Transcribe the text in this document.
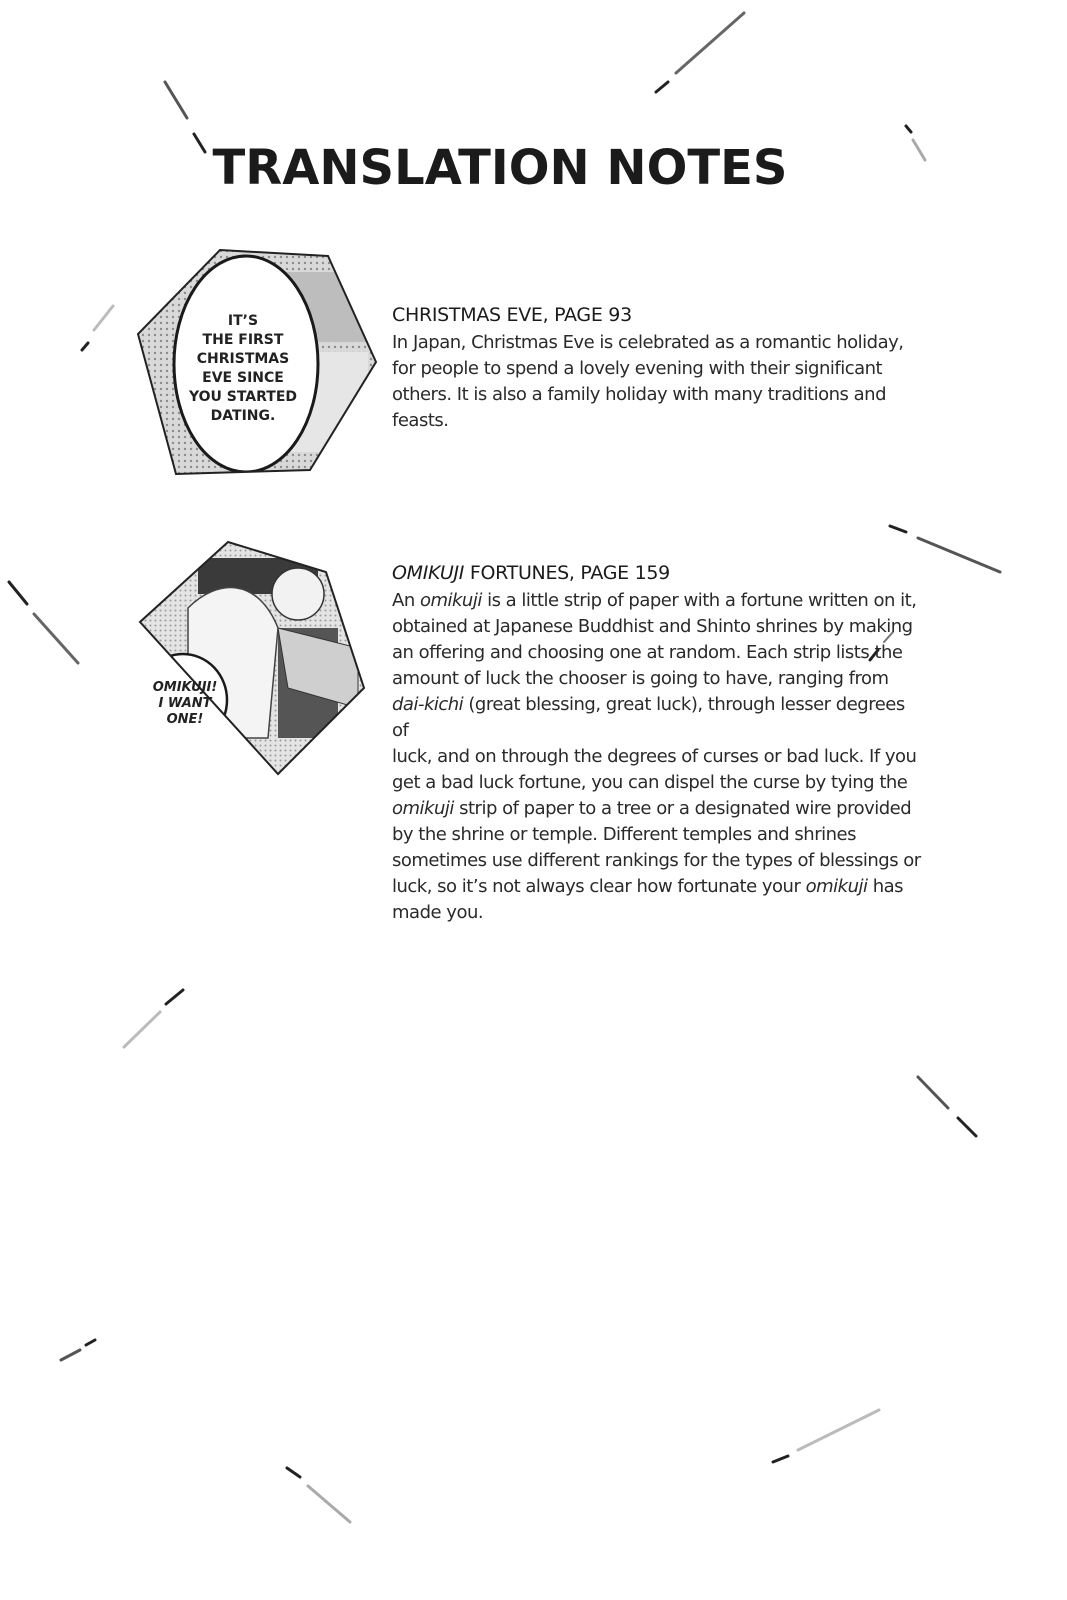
TRANSLATION NOTES
IT’S
THE FIRST
CHRISTMAS
EVE SINCE
YOU STARTED
DATING.

CHRISTMAS EVE, PAGE 93

In Japan, Christmas Eve is celebrated as a romantic holiday,
for people to spend a lovely evening with their significant
others. It is also a family holiday with many traditions and
feasts.

OMIKUJI!
I WANT
ONE!

OMIKUJI FORTUNES, PAGE 159

An omikuji is a little strip of paper with a fortune written on it,
obtained at Japanese Buddhist and Shinto shrines by making
an offering and choosing one at random. Each strip lists the
amount of luck the chooser is going to have, ranging from
dai-kichi (great blessing, great luck), through lesser degrees of
luck, and on through the degrees of curses or bad luck. If you
get a bad luck fortune, you can dispel the curse by tying the
omikuji strip of paper to a tree or a designated wire provided
by the shrine or temple. Different temples and shrines
sometimes use different rankings for the types of blessings or
luck, so it’s not always clear how fortunate your omikuji has
made you.
